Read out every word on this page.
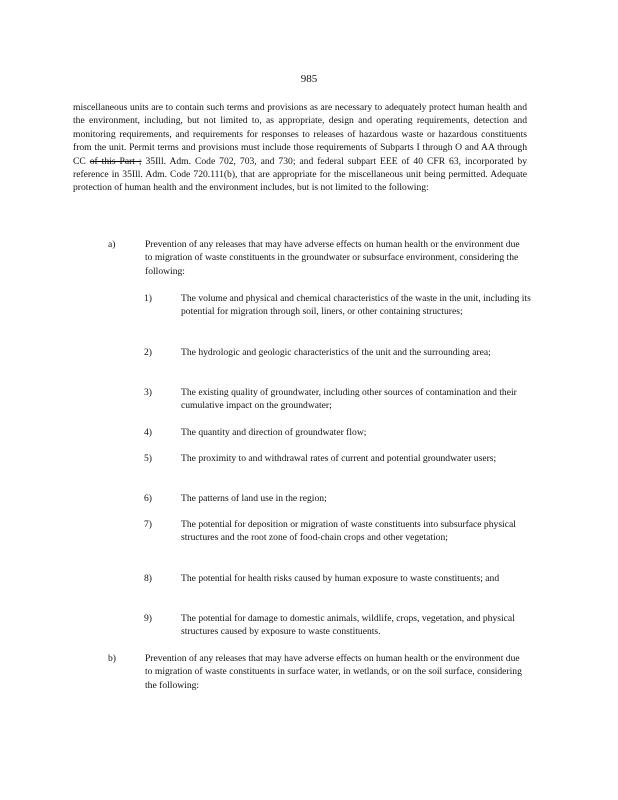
985

miscellaneous units are to contain such terms and provisions as are necessary to adequately protect human health and the environment, including, but not limited to, as appropriate, design and operating requirements, detection and monitoring requirements, and requirements for responses to releases of hazardous waste or hazardous constituents from the unit. Permit terms and provisions must include those requirements of Subparts I through O and AA through CC of this Part ; 35Ill. Adm. Code 702, 703, and 730; and federal subpart EEE of 40 CFR 63, incorporated by reference in 35Ill. Adm. Code 720.111(b), that are appropriate for the miscellaneous unit being permitted. Adequate protection of human health and the environment includes, but is not limited to the following:

a)	Prevention of any releases that may have adverse effects on human health or the environment due to migration of waste constituents in the groundwater or subsurface environment, considering the following:

1)	The volume and physical and chemical characteristics of the waste in the unit, including its potential for migration through soil, liners, or other containing structures;

2)	The hydrologic and geologic characteristics of the unit and the surrounding area;

3)	The existing quality of groundwater, including other sources of contamination and their cumulative impact on the groundwater;

4)	The quantity and direction of groundwater flow;

5)	The proximity to and withdrawal rates of current and potential groundwater users;

6)	The patterns of land use in the region;

7)	The potential for deposition or migration of waste constituents into subsurface physical structures and the root zone of food-chain crops and other vegetation;

8)	The potential for health risks caused by human exposure to waste constituents; and

9)	The potential for damage to domestic animals, wildlife, crops, vegetation, and physical structures caused by exposure to waste constituents.

b)	Prevention of any releases that may have adverse effects on human health or the environment due to migration of waste constituents in surface water, in wetlands, or on the soil surface, considering the following:
